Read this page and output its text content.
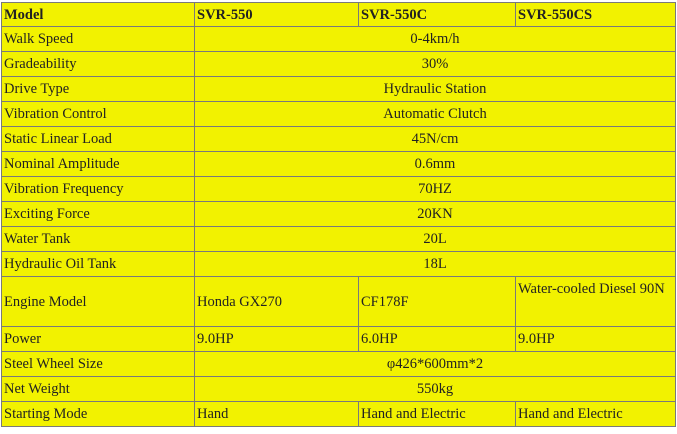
Model	SVR-550	SVR-550C	SVR-550CS
Walk Speed	0-4km/h		
Gradeability	30%		
Drive Type	Hydraulic Station		
Vibration Control	Automatic Clutch		
Static Linear Load	45N/cm		
Nominal Amplitude	0.6mm		
Vibration Frequency	70HZ		
Exciting Force	20KN		
Water Tank	20L		
Hydraulic Oil Tank	18L		
Engine Model	Honda GX270	CF178F	Water-cooled Diesel 90N
Power	9.0HP	6.0HP	9.0HP
Steel Wheel Size	φ426*600mm*2		
Net Weight	550kg		
Starting Mode	Hand	Hand and Electric	Hand and Electric
